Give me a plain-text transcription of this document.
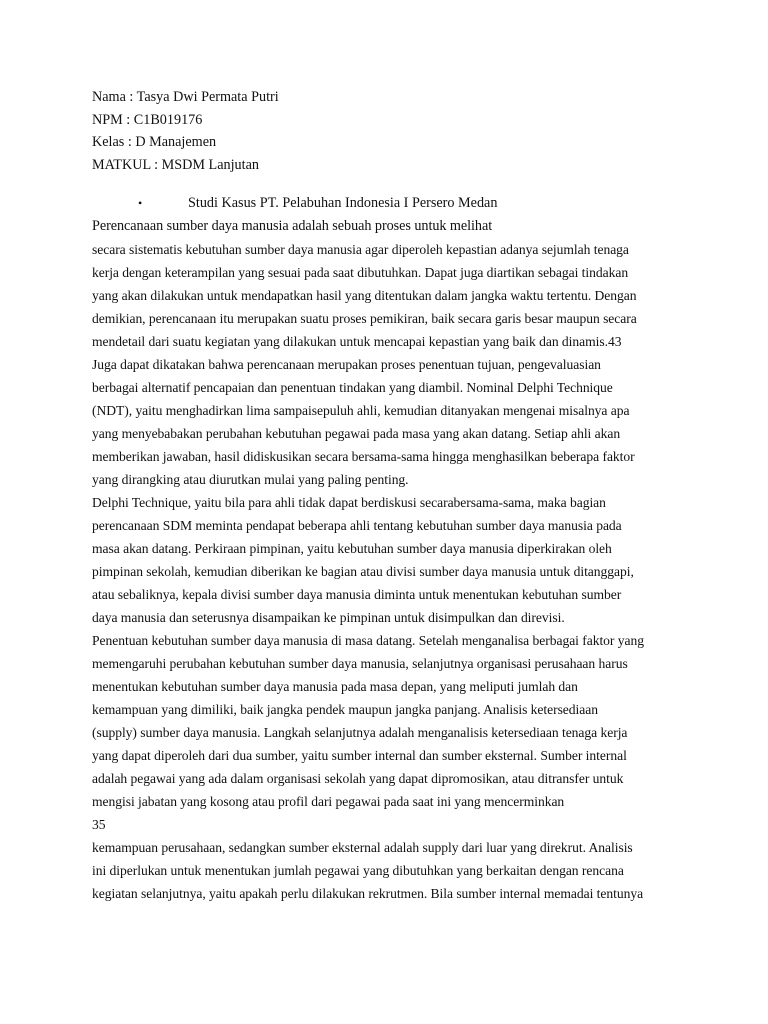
Nama : Tasya Dwi Permata Putri
NPM : C1B019176
Kelas : D Manajemen
MATKUL : MSDM Lanjutan
•	Studi Kasus PT. Pelabuhan Indonesia I Persero Medan
Perencanaan sumber daya manusia adalah sebuah proses untuk melihat
secara sistematis kebutuhan sumber daya manusia agar diperoleh kepastian adanya sejumlah tenaga
kerja dengan keterampilan yang sesuai pada saat dibutuhkan. Dapat juga diartikan sebagai tindakan
yang akan dilakukan untuk mendapatkan hasil yang ditentukan dalam jangka waktu tertentu. Dengan
demikian, perencanaan itu merupakan suatu proses pemikiran, baik secara garis besar maupun secara
mendetail dari suatu kegiatan yang dilakukan untuk mencapai kepastian yang baik dan dinamis.43
Juga dapat dikatakan bahwa perencanaan merupakan proses penentuan tujuan, pengevaluasian
berbagai alternatif pencapaian dan penentuan tindakan yang diambil. Nominal Delphi Technique
(NDT), yaitu menghadirkan lima sampaisepuluh ahli, kemudian ditanyakan mengenai misalnya apa
yang menyebabakan perubahan kebutuhan pegawai pada masa yang akan datang. Setiap ahli akan
memberikan jawaban, hasil didiskusikan secara bersama-sama hingga menghasilkan beberapa faktor
yang dirangking atau diurutkan mulai yang paling penting.
Delphi Technique, yaitu bila para ahli tidak dapat berdiskusi secarabersama-sama, maka bagian
perencanaan SDM meminta pendapat beberapa ahli tentang kebutuhan sumber daya manusia pada
masa akan datang. Perkiraan pimpinan, yaitu kebutuhan sumber daya manusia diperkirakan oleh
pimpinan sekolah, kemudian diberikan ke bagian atau divisi sumber daya manusia untuk ditanggapi,
atau sebaliknya, kepala divisi sumber daya manusia diminta untuk menentukan kebutuhan sumber
daya manusia dan seterusnya disampaikan ke pimpinan untuk disimpulkan dan direvisi.
Penentuan kebutuhan sumber daya manusia di masa datang. Setelah menganalisa berbagai faktor yang
memengaruhi perubahan kebutuhan sumber daya manusia, selanjutnya organisasi perusahaan harus
menentukan kebutuhan sumber daya manusia pada masa depan, yang meliputi jumlah dan
kemampuan yang dimiliki, baik jangka pendek maupun jangka panjang. Analisis ketersediaan
(supply) sumber daya manusia. Langkah selanjutnya adalah menganalisis ketersediaan tenaga kerja
yang dapat diperoleh dari dua sumber, yaitu sumber internal dan sumber eksternal. Sumber internal
adalah pegawai yang ada dalam organisasi sekolah yang dapat dipromosikan, atau ditransfer untuk
mengisi jabatan yang kosong atau profil dari pegawai pada saat ini yang mencerminkan
35
kemampuan perusahaan, sedangkan sumber eksternal adalah supply dari luar yang direkrut. Analisis
ini diperlukan untuk menentukan jumlah pegawai yang dibutuhkan yang berkaitan dengan rencana
kegiatan selanjutnya, yaitu apakah perlu dilakukan rekrutmen. Bila sumber internal memadai tentunya
